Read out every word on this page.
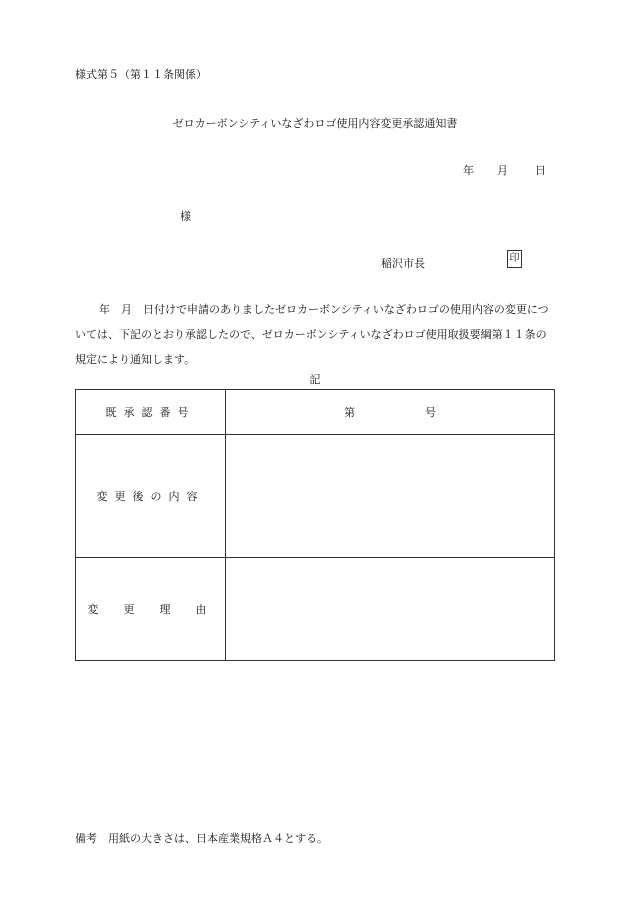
様式第５（第１１条関係）
ゼロカーボンシティいなざわロゴ使用内容変更承認通知書
年 月 日
様
稲沢市長	印
年　月　日付けで申請のありましたゼロカーボンシティいなざわロゴの使用内容の変更については、下記のとおり承認したので、ゼロカーボンシティいなざわロゴ使用取扱要綱第１１条の規定により通知します。
記
既承認番号	第 号
変更後の内容	
変　更　理　由	
備考　用紙の大きさは、日本産業規格Ａ４とする。
